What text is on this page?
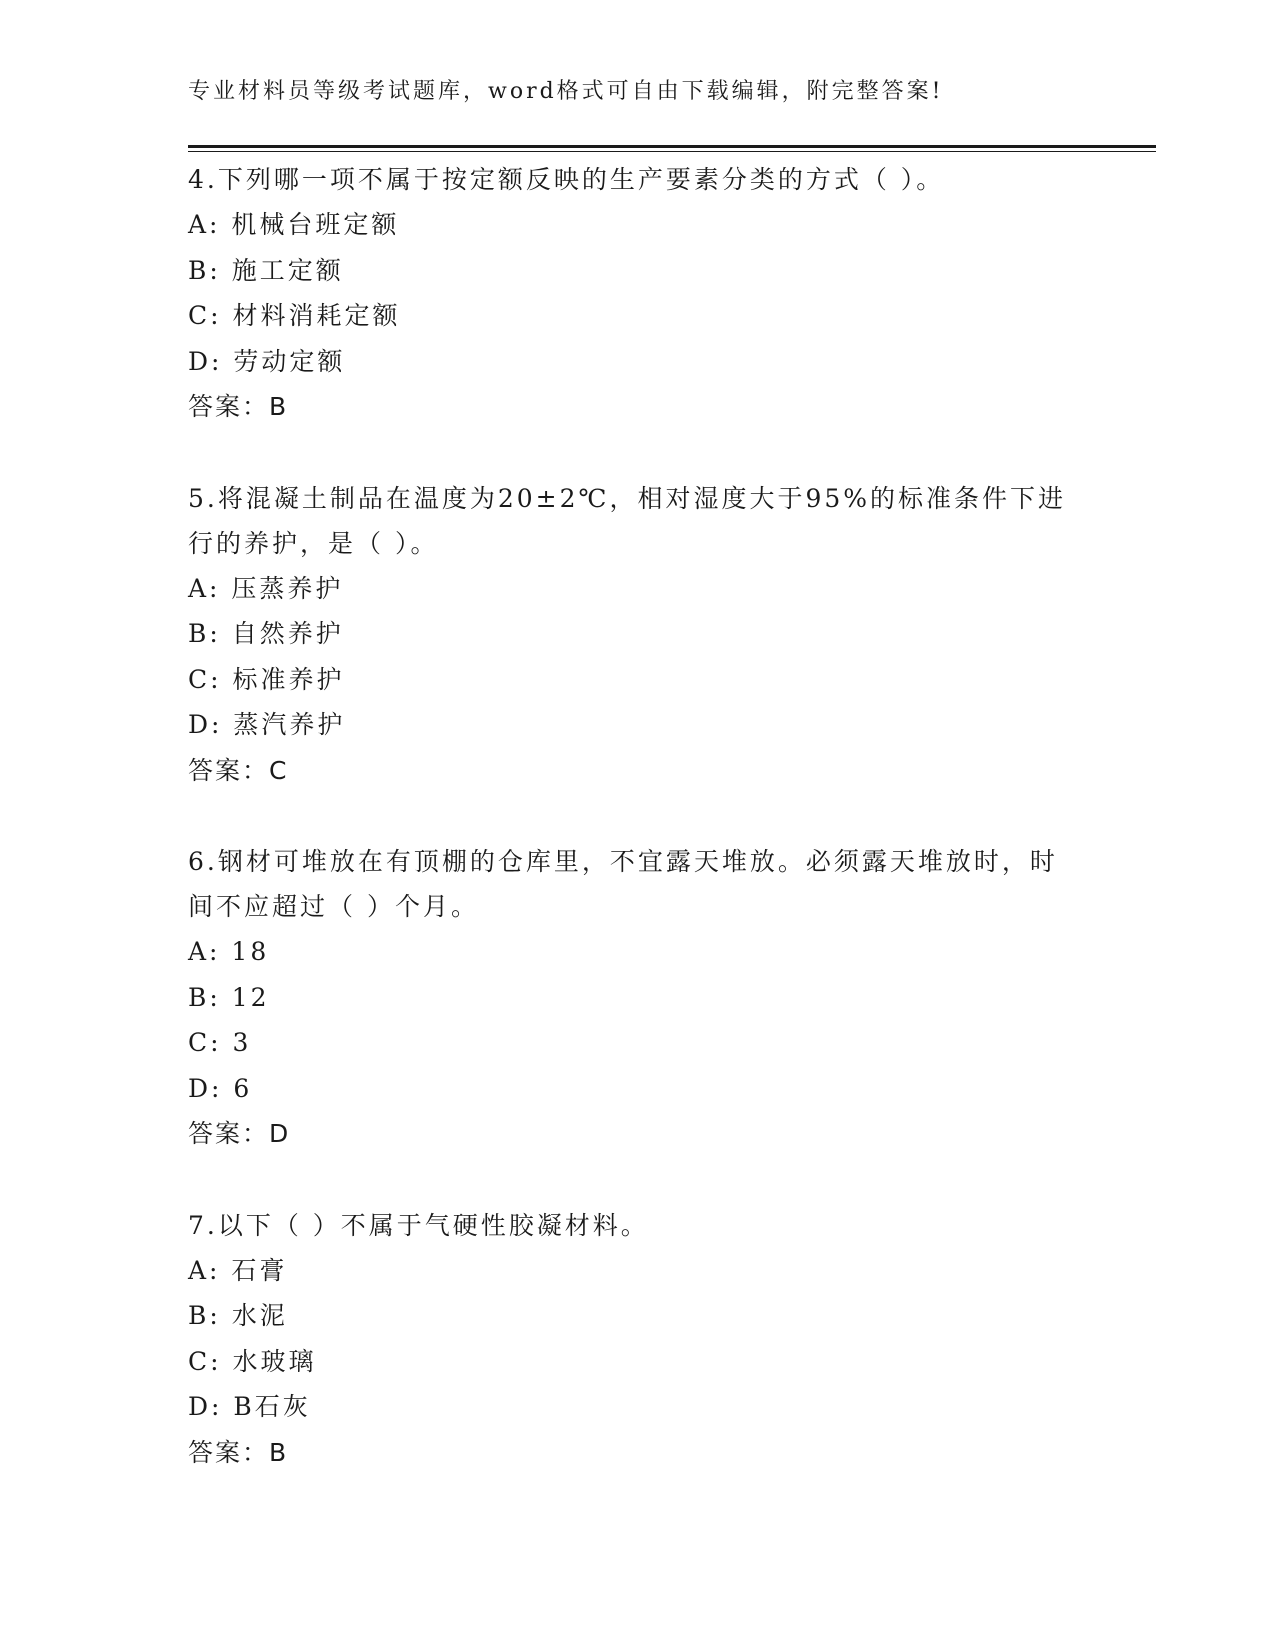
专业材料员等级考试题库，word格式可自由下载编辑，附完整答案!
4.下列哪一项不属于按定额反映的生产要素分类的方式（ ）。
A: 机械台班定额
B: 施工定额
C: 材料消耗定额
D: 劳动定额
答案：B
5.将混凝土制品在温度为20±2℃，相对湿度大于95%的标准条件下进行的养护，是（ ）。
A: 压蒸养护
B: 自然养护
C: 标准养护
D: 蒸汽养护
答案：C
6.钢材可堆放在有顶棚的仓库里，不宜露天堆放。必须露天堆放时，时间不应超过（ ）个月。
A: 18
B: 12
C: 3
D: 6
答案：D
7.以下（ ）不属于气硬性胶凝材料。
A: 石膏
B: 水泥
C: 水玻璃
D: B石灰
答案：B
